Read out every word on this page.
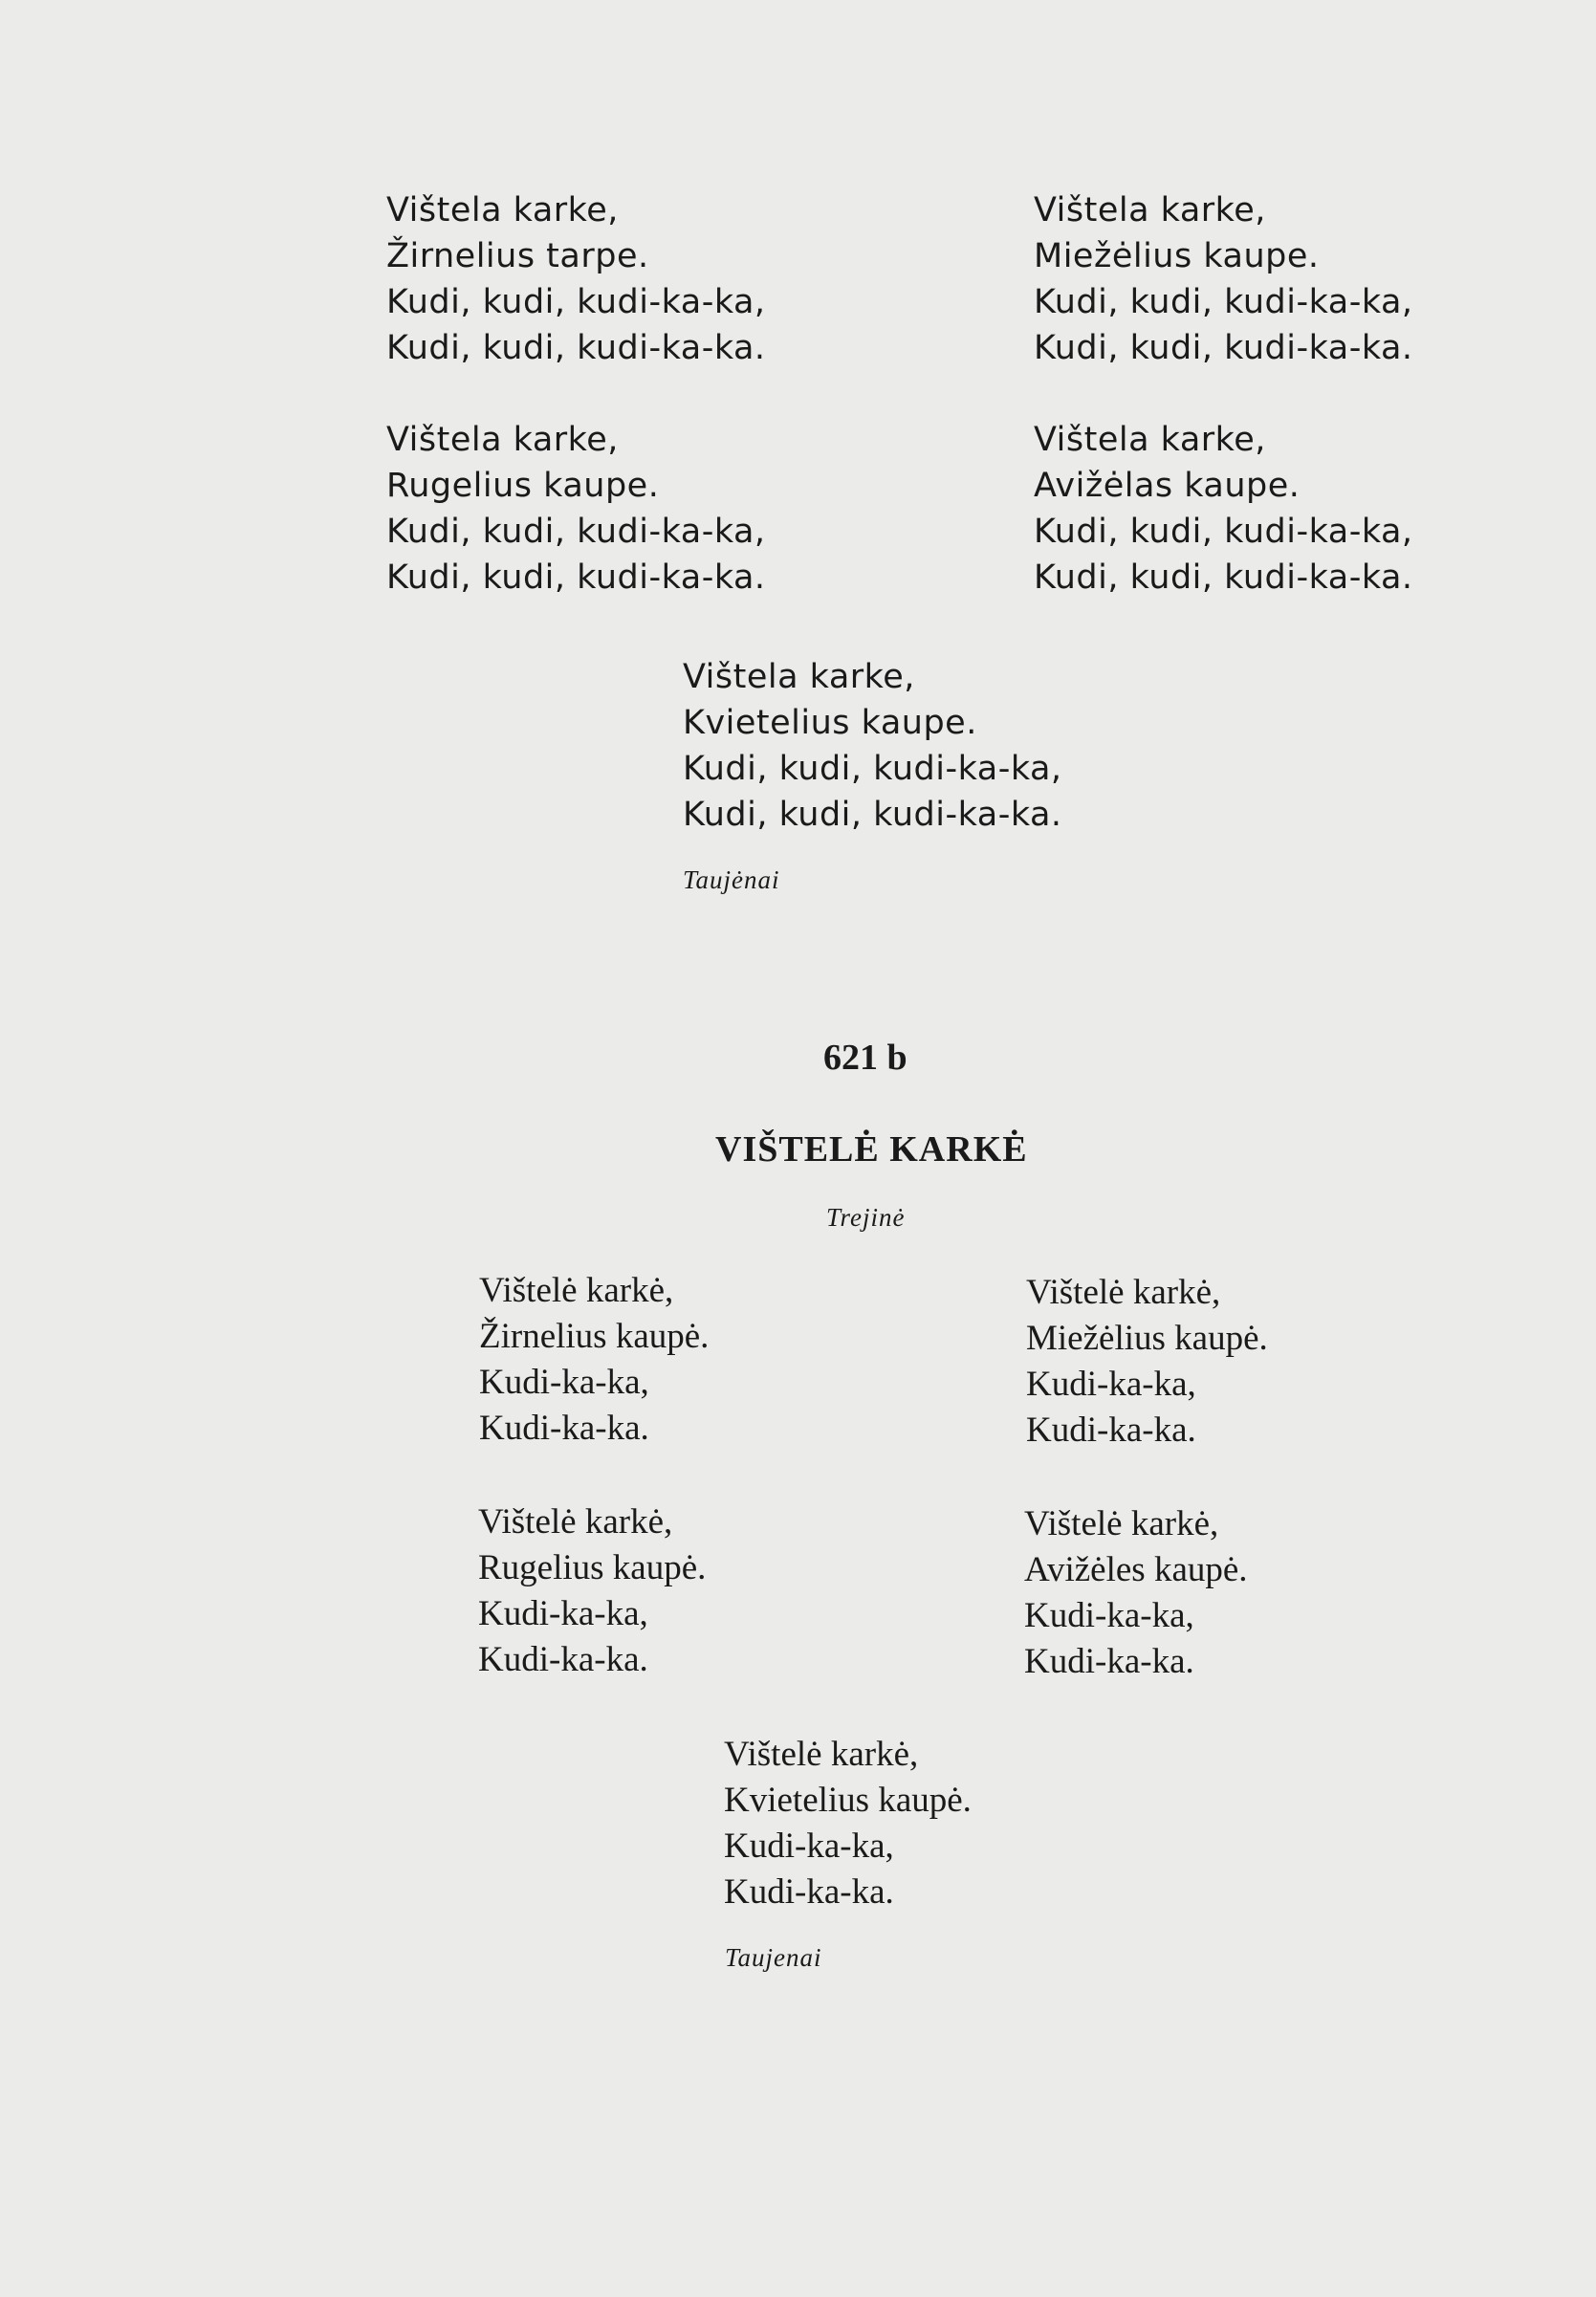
Vištela karke,
Žirnelius tarpe.
Kudi, kudi, kudi-ka-ka,
Kudi, kudi, kudi-ka-ka.
Vištela karke,
Miežėlius kaupe.
Kudi, kudi, kudi-ka-ka,
Kudi, kudi, kudi-ka-ka.
Vištela karke,
Rugelius kaupe.
Kudi, kudi, kudi-ka-ka,
Kudi, kudi, kudi-ka-ka.
Vištela karke,
Avižėlas kaupe.
Kudi, kudi, kudi-ka-ka,
Kudi, kudi, kudi-ka-ka.
Vištela karke,
Kvietelius kaupe.
Kudi, kudi, kudi-ka-ka,
Kudi, kudi, kudi-ka-ka.
Taujėnai
621 b
VIŠTELĖ KARKĖ
Trejinė
Vištelė karkė,
Žirnelius kaupė.
Kudi-ka-ka,
Kudi-ka-ka.
Vištelė karkė,
Miežėlius kaupė.
Kudi-ka-ka,
Kudi-ka-ka.
Vištelė karkė,
Rugelius kaupė.
Kudi-ka-ka,
Kudi-ka-ka.
Vištelė karkė,
Avižėles kaupė.
Kudi-ka-ka,
Kudi-ka-ka.
Vištelė karkė,
Kvietelius kaupė.
Kudi-ka-ka,
Kudi-ka-ka.
Taujenai
